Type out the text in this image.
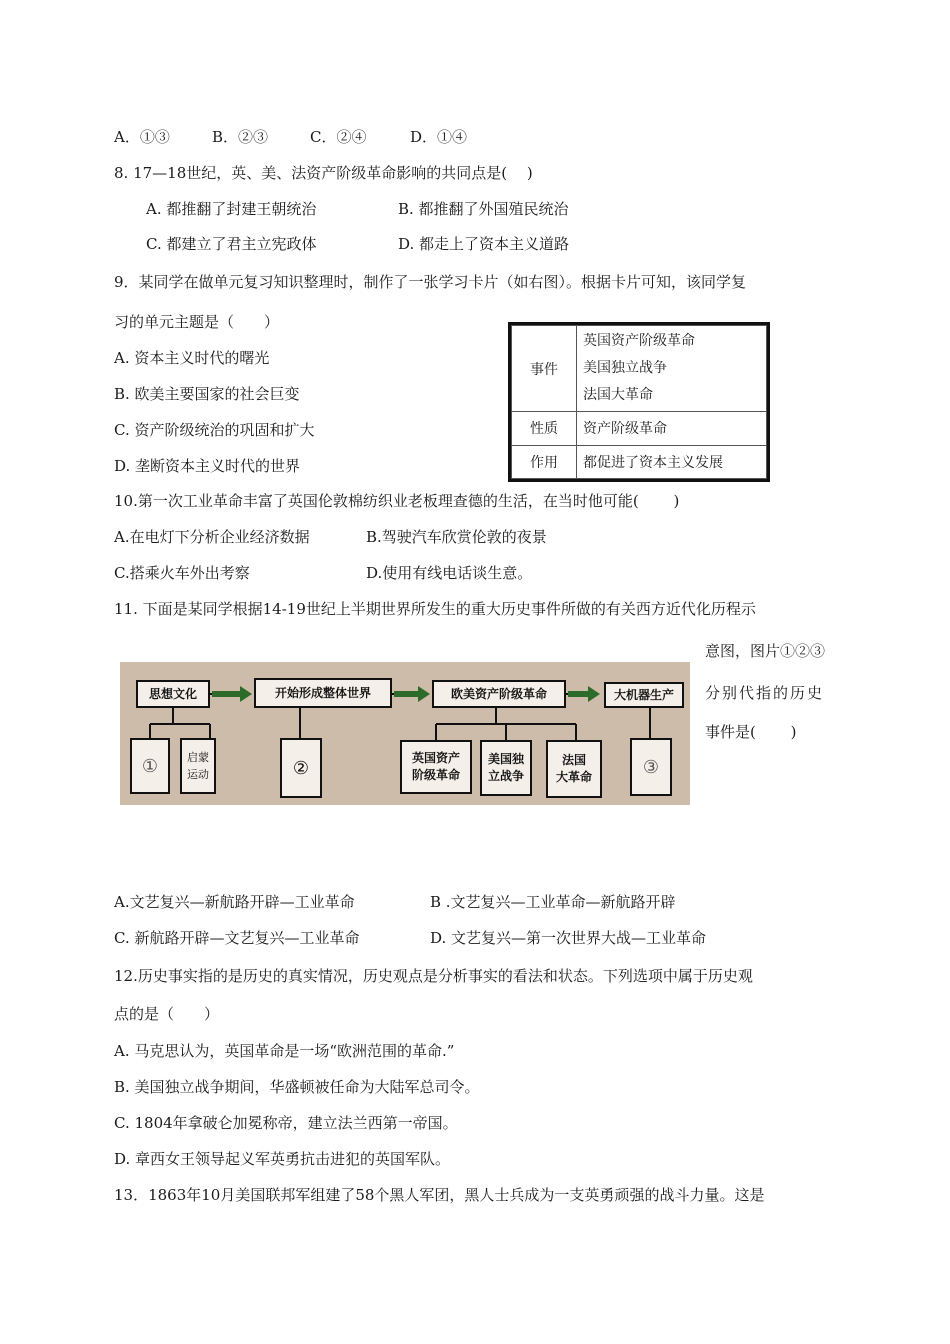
A．①③	B．②③	C．②④	D．①④
8. 17—18世纪，英、美、法资产阶级革命影响的共同点是(　 )
A. 都推翻了封建王朝统治	B. 都推翻了外国殖民统治
C. 都建立了君主立宪政体	D. 都走上了资本主义道路
9．某同学在做单元复习知识整理时，制作了一张学习卡片（如右图）。根据卡片可知，该同学复
习的单元主题是（　　）
A. 资本主义时代的曙光
B. 欧美主要国家的社会巨变
C. 资产阶级统治的巩固和扩大
D. 垄断资本主义时代的世界
事件	英国资产阶级革命
美国独立战争
法国大革命

性质	资产阶级革命
作用	都促进了资本主义发展
10.第一次工业革命丰富了英国伦敦棉纺织业老板理查德的生活，在当时他可能(　　 )
A.在电灯下分析企业经济数据	B.驾驶汽车欣赏伦敦的夜景
C.搭乘火车外出考察	D.使用有线电话谈生意。
11. 下面是某同学根据14-19世纪上半期世界所发生的重大历史事件所做的有关西方近代化历程示
意图，图片①②③
分别代指的历史
事件是(　　 )
思想文化	开始形成整体世界	欧美资产阶级革命	大机器生产
①	启蒙
运动	②	英国资产
阶级革命
美国独
立战争
法国
大革命	③
A.文艺复兴—新航路开辟—工业革命	B .文艺复兴—工业革命—新航路开辟
C. 新航路开辟—文艺复兴—工业革命	D. 文艺复兴—第一次世界大战—工业革命
12.历史事实指的是历史的真实情况，历史观点是分析事实的看法和状态。下列选项中属于历史观
点的是（　　）
A. 马克思认为，英国革命是一场“欧洲范围的革命.”
B. 美国独立战争期间，华盛顿被任命为大陆军总司令。
C. 1804年拿破仑加冕称帝，建立法兰西第一帝国。
D. 章西女王领导起义军英勇抗击进犯的英国军队。
13．1863年10月美国联邦军组建了58个黑人军团，黑人士兵成为一支英勇顽强的战斗力量。这是
